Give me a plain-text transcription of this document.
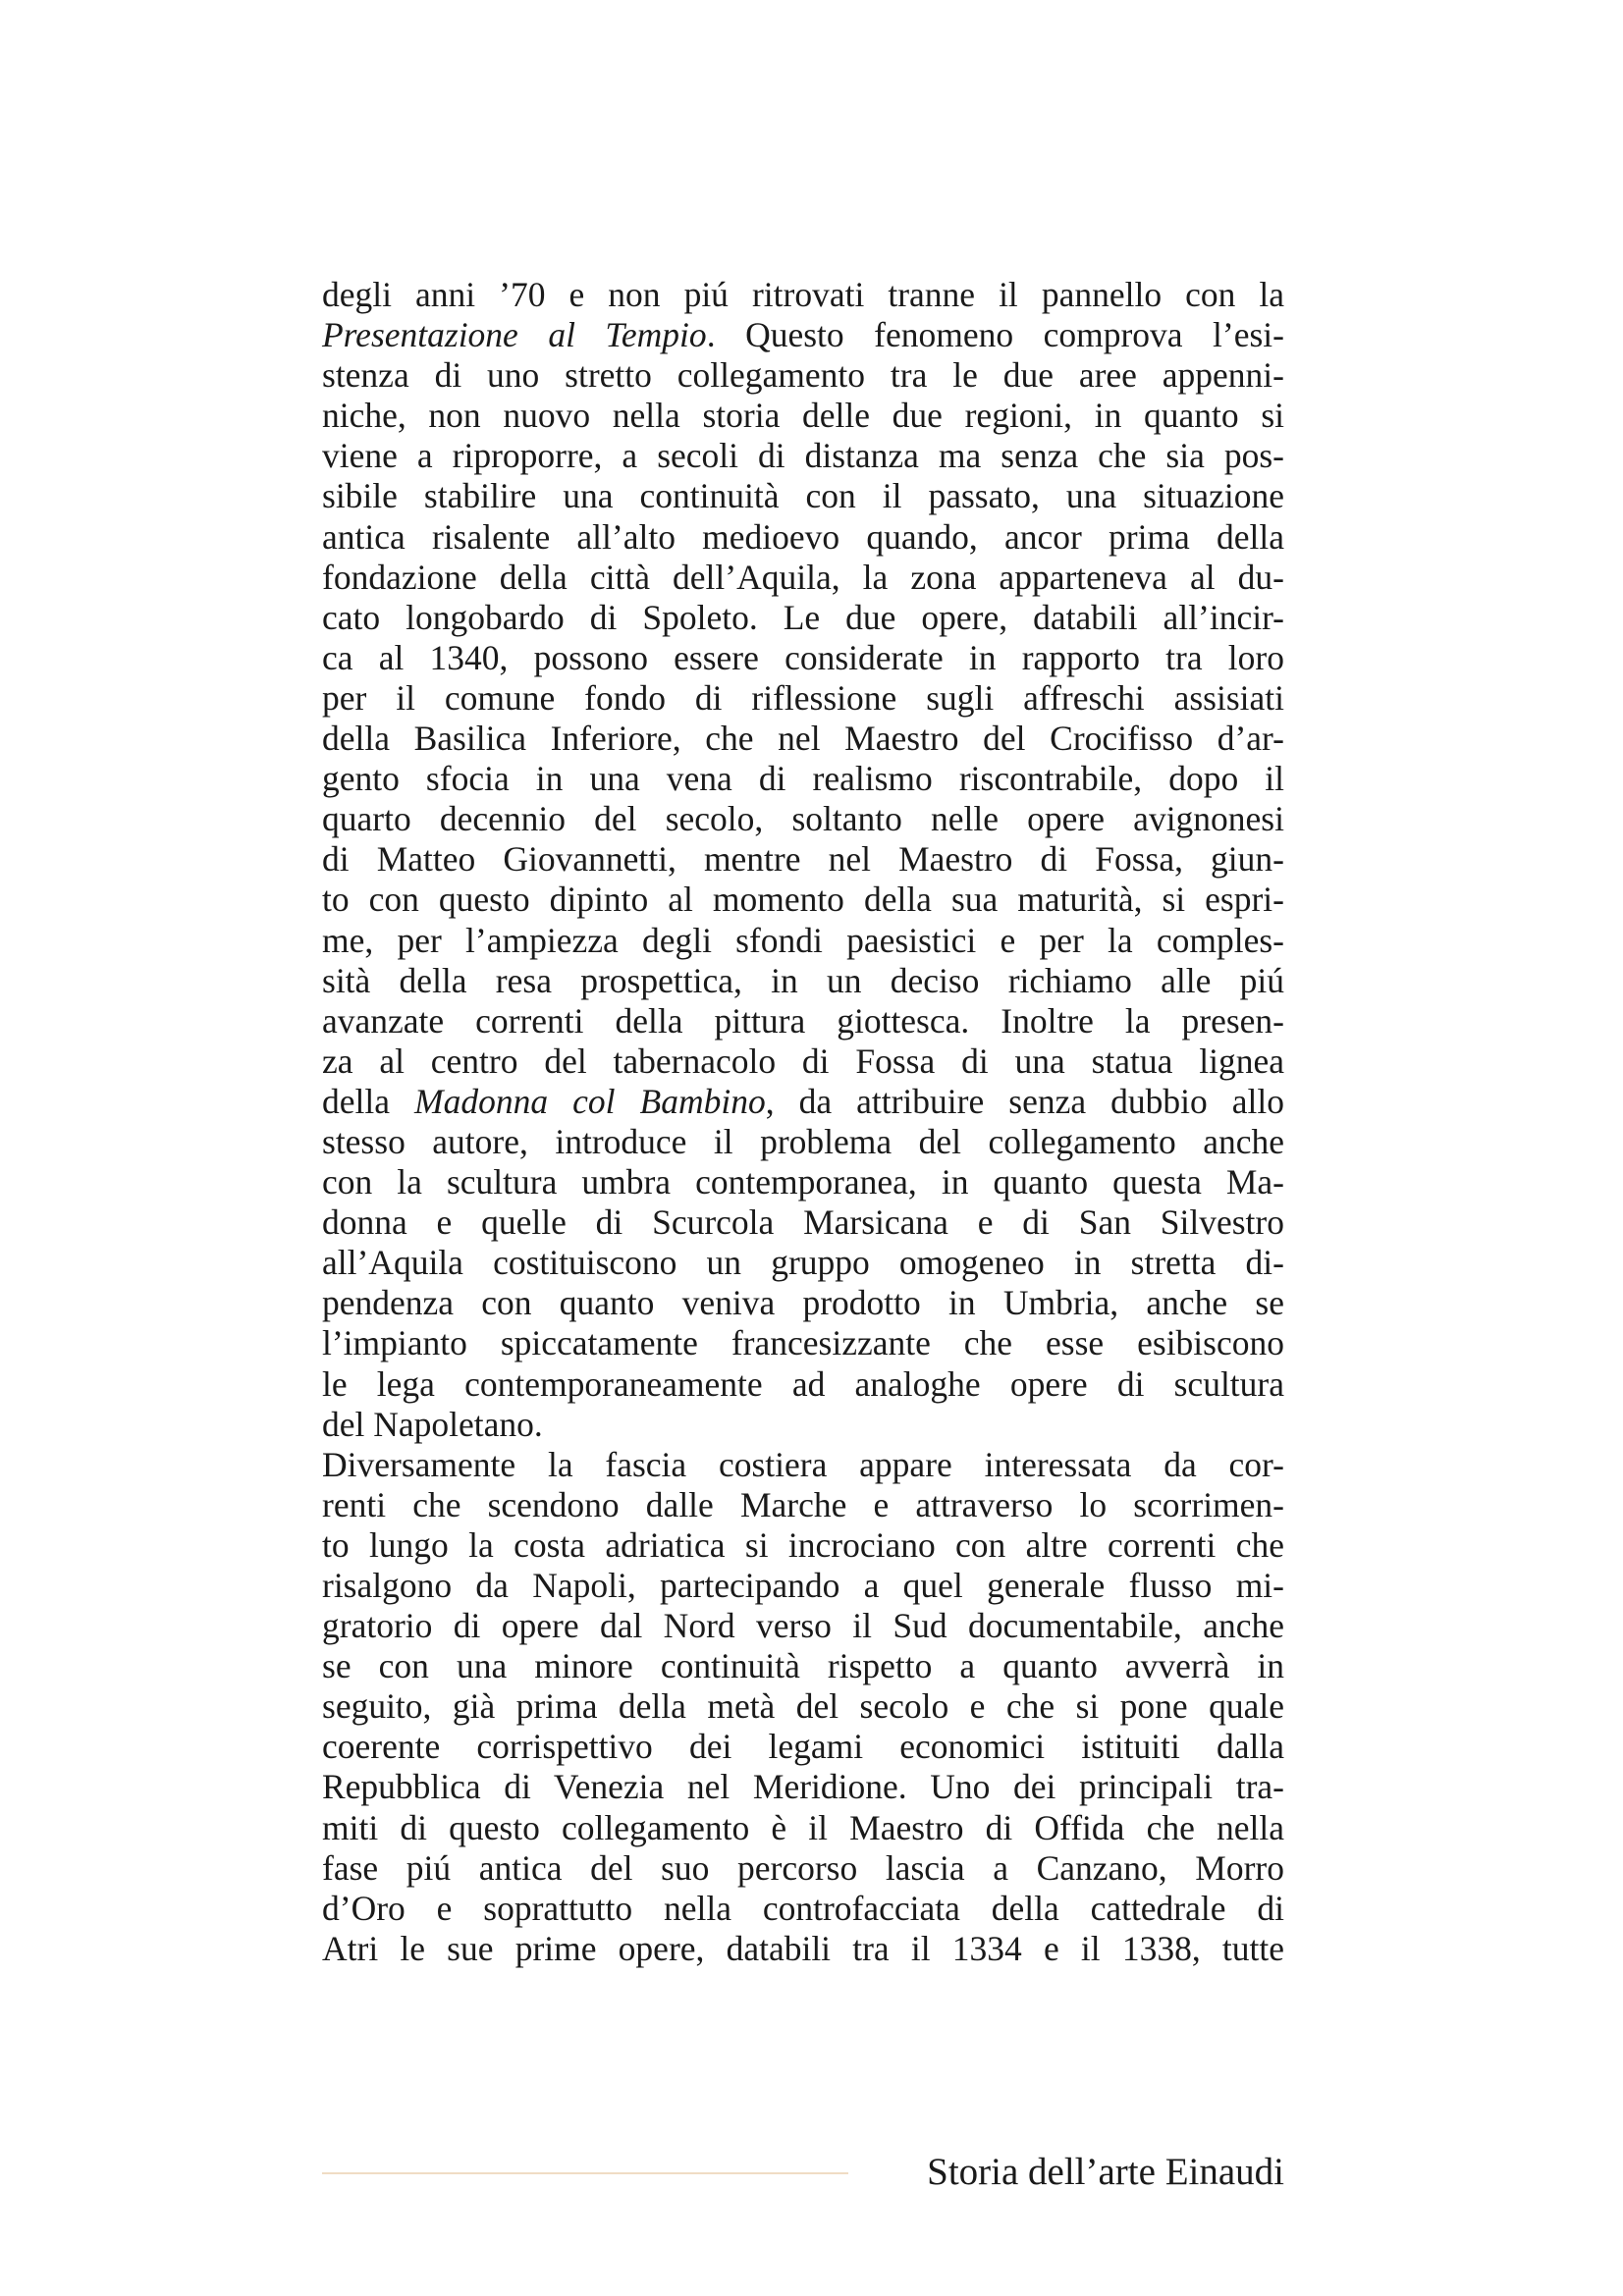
degli anni ’70 e non piú ritrovati tranne il pannello con la
Presentazione al Tempio. Questo fenomeno comprova l’esi-
stenza di uno stretto collegamento tra le due aree appenni-
niche, non nuovo nella storia delle due regioni, in quanto si
viene a riproporre, a secoli di distanza ma senza che sia pos-
sibile stabilire una continuità con il passato, una situazione
antica risalente all’alto medioevo quando, ancor prima della
fondazione della città dell’Aquila, la zona apparteneva al du-
cato longobardo di Spoleto. Le due opere, databili all’incir-
ca al 1340, possono essere considerate in rapporto tra loro
per il comune fondo di riflessione sugli affreschi assisiati
della Basilica Inferiore, che nel Maestro del Crocifisso d’ar-
gento sfocia in una vena di realismo riscontrabile, dopo il
quarto decennio del secolo, soltanto nelle opere avignonesi
di Matteo Giovannetti, mentre nel Maestro di Fossa, giun-
to con questo dipinto al momento della sua maturità, si espri-
me, per l’ampiezza degli sfondi paesistici e per la comples-
sità della resa prospettica, in un deciso richiamo alle piú
avanzate correnti della pittura giottesca. Inoltre la presen-
za al centro del tabernacolo di Fossa di una statua lignea
della Madonna col Bambino, da attribuire senza dubbio allo
stesso autore, introduce il problema del collegamento anche
con la scultura umbra contemporanea, in quanto questa Ma-
donna e quelle di Scurcola Marsicana e di San Silvestro
all’Aquila costituiscono un gruppo omogeneo in stretta di-
pendenza con quanto veniva prodotto in Umbria, anche se
l’impianto spiccatamente francesizzante che esse esibiscono
le lega contemporaneamente ad analoghe opere di scultura
del Napoletano.
Diversamente la fascia costiera appare interessata da cor-
renti che scendono dalle Marche e attraverso lo scorrimen-
to lungo la costa adriatica si incrociano con altre correnti che
risalgono da Napoli, partecipando a quel generale flusso mi-
gratorio di opere dal Nord verso il Sud documentabile, anche
se con una minore continuità rispetto a quanto avverrà in
seguito, già prima della metà del secolo e che si pone quale
coerente corrispettivo dei legami economici istituiti dalla
Repubblica di Venezia nel Meridione. Uno dei principali tra-
miti di questo collegamento è il Maestro di Offida che nella
fase piú antica del suo percorso lascia a Canzano, Morro
d’Oro e soprattutto nella controfacciata della cattedrale di
Atri le sue prime opere, databili tra il 1334 e il 1338, tutte
Storia dell’arte Einaudi
